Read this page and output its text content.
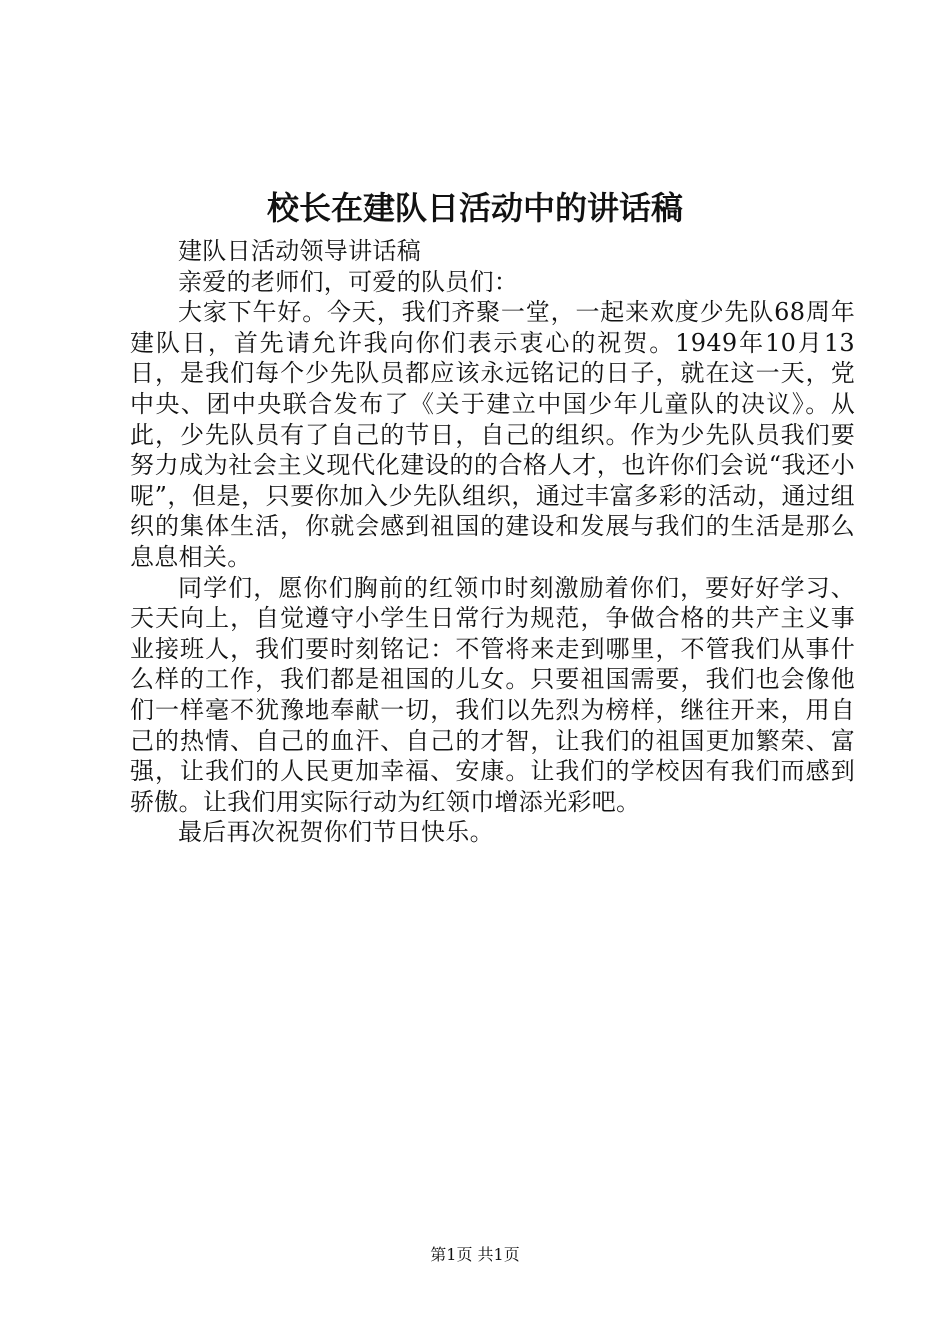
校长在建队日活动中的讲话稿

建队日活动领导讲话稿

亲爱的老师们，可爱的队员们：

大家下午好。今天，我们齐聚一堂，一起来欢度少先队68周年建队日，首先请允许我向你们表示衷心的祝贺。1949年10月13日，是我们每个少先队员都应该永远铭记的日子，就在这一天，党中央、团中央联合发布了《关于建立中国少年儿童队的决议》。从此，少先队员有了自己的节日，自己的组织。作为少先队员我们要努力成为社会主义现代化建设的的合格人才，也许你们会说“我还小呢”，但是，只要你加入少先队组织，通过丰富多彩的活动，通过组织的集体生活，你就会感到祖国的建设和发展与我们的生活是那么息息相关。

同学们，愿你们胸前的红领巾时刻激励着你们，要好好学习、天天向上，自觉遵守小学生日常行为规范，争做合格的共产主义事业接班人，我们要时刻铭记：不管将来走到哪里，不管我们从事什么样的工作，我们都是祖国的儿女。只要祖国需要，我们也会像他们一样毫不犹豫地奉献一切，我们以先烈为榜样，继往开来，用自己的热情、自己的血汗、自己的才智，让我们的祖国更加繁荣、富强，让我们的人民更加幸福、安康。让我们的学校因有我们而感到骄傲。让我们用实际行动为红领巾增添光彩吧。

最后再次祝贺你们节日快乐。

第1页 共1页
